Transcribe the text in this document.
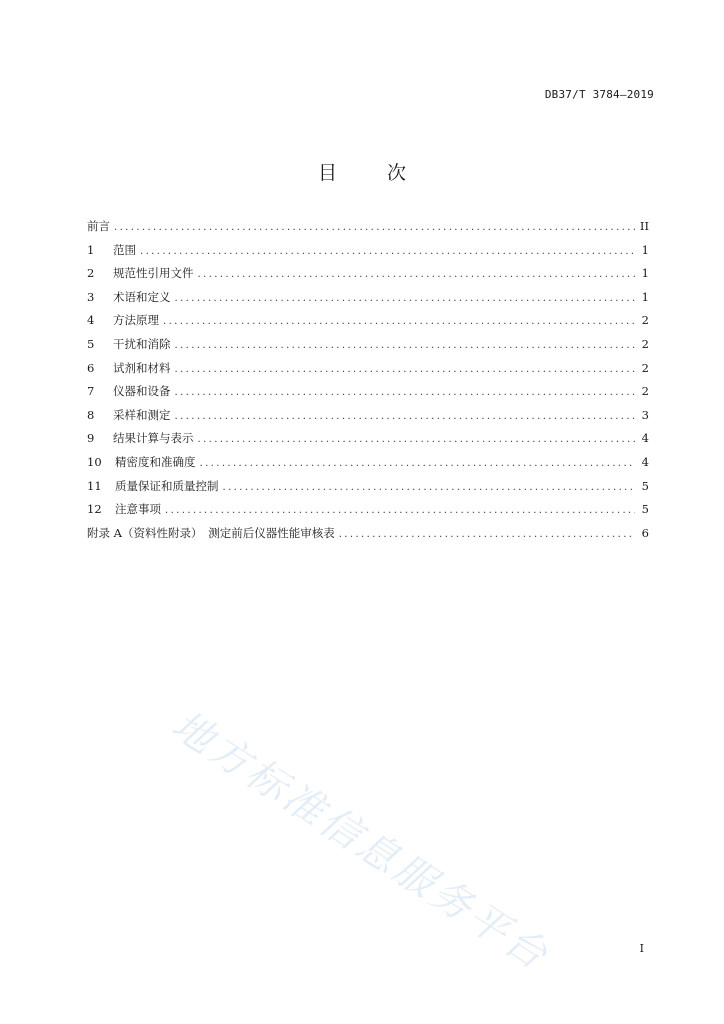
DB37/T 3784—2019
目 次
前言 .....	II
1	范围 .....	1
2	规范性引用文件 .....	1
3	术语和定义 .....	1
4	方法原理 .....	2
5	干扰和消除 .....	2
6	试剂和材料 .....	2
7	仪器和设备 .....	2
8	采样和测定 .....	3
9	结果计算与表示 .....	4
10	精密度和准确度 .....	4
11	质量保证和质量控制 .....	5
12	注意事项 .....	5
附录 A（资料性附录）　测定前后仪器性能审核表 .....	6
地方标准信息服务平台	I
